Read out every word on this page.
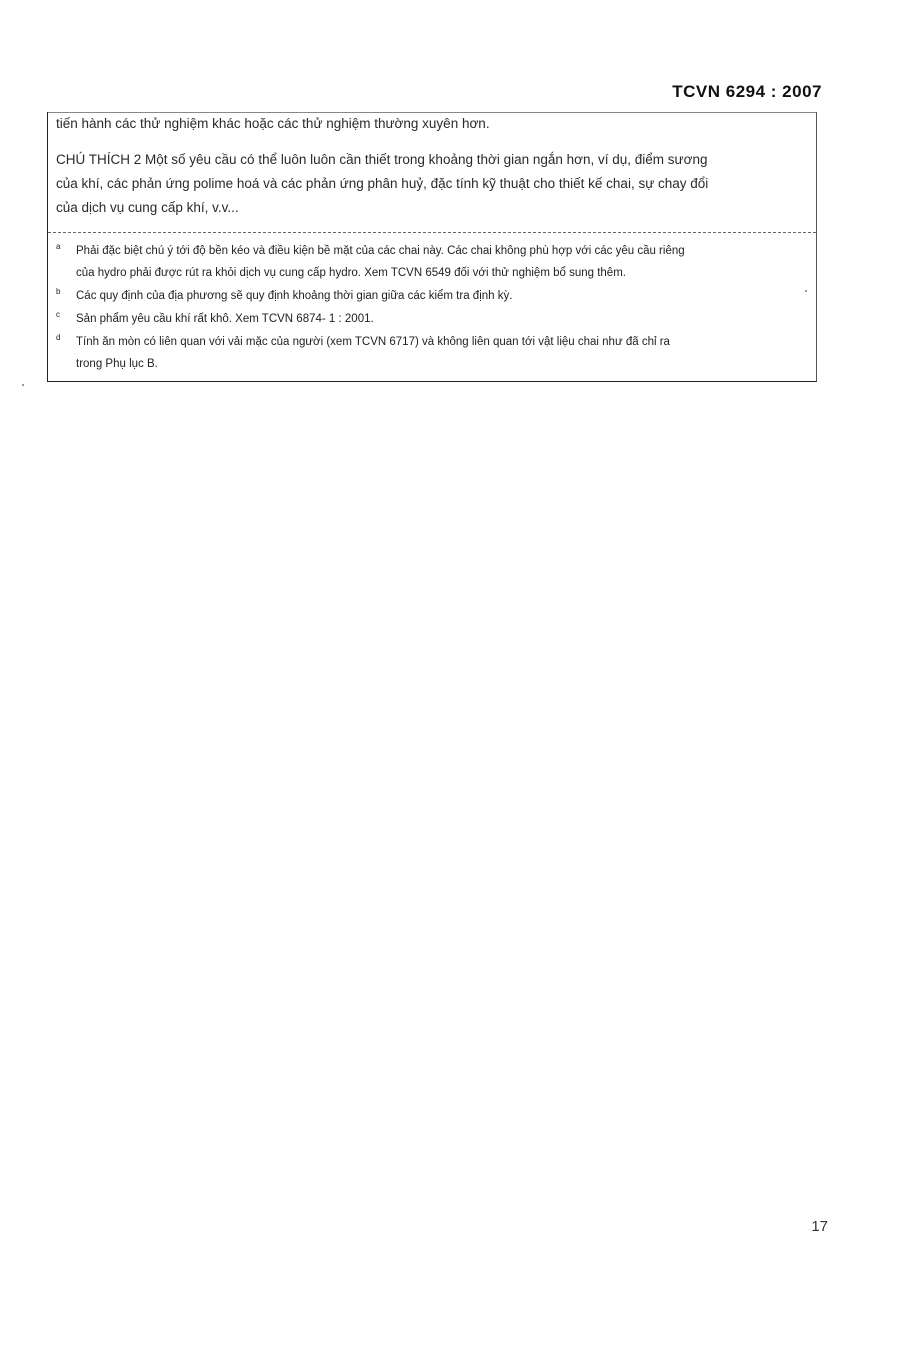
TCVN 6294 : 2007
tiến hành các thử nghiệm khác hoặc các thử nghiệm thường xuyên hơn.
CHÚ THÍCH 2 Một số yêu cầu có thể luôn luôn cần thiết trong khoảng thời gian ngắn hơn, ví dụ, điểm sương
của khí, các phản ứng polime hoá và các phản ứng phân huỷ, đặc tính kỹ thuật cho thiết kế chai, sự chay đổi
của dịch vụ cung cấp khí, v.v...
a Phải đặc biệt chú ý tới độ bền kéo và điều kiện bề mặt của các chai này. Các chai không phù hợp với các yêu cầu riêng
của hydro phải được rút ra khỏi dịch vụ cung cấp hydro. Xem TCVN 6549 đối với thử nghiệm bổ sung thêm.
b Các quy định của địa phương sẽ quy định khoảng thời gian giữa các kiểm tra định kỳ.
c Sản phẩm yêu cầu khí rất khô. Xem TCVN 6874- 1 : 2001.
d Tính ăn mòn có liên quan với vải mặc của người (xem TCVN 6717) và không liên quan tới vật liệu chai như đã chỉ ra
trong Phụ lục B.
17
